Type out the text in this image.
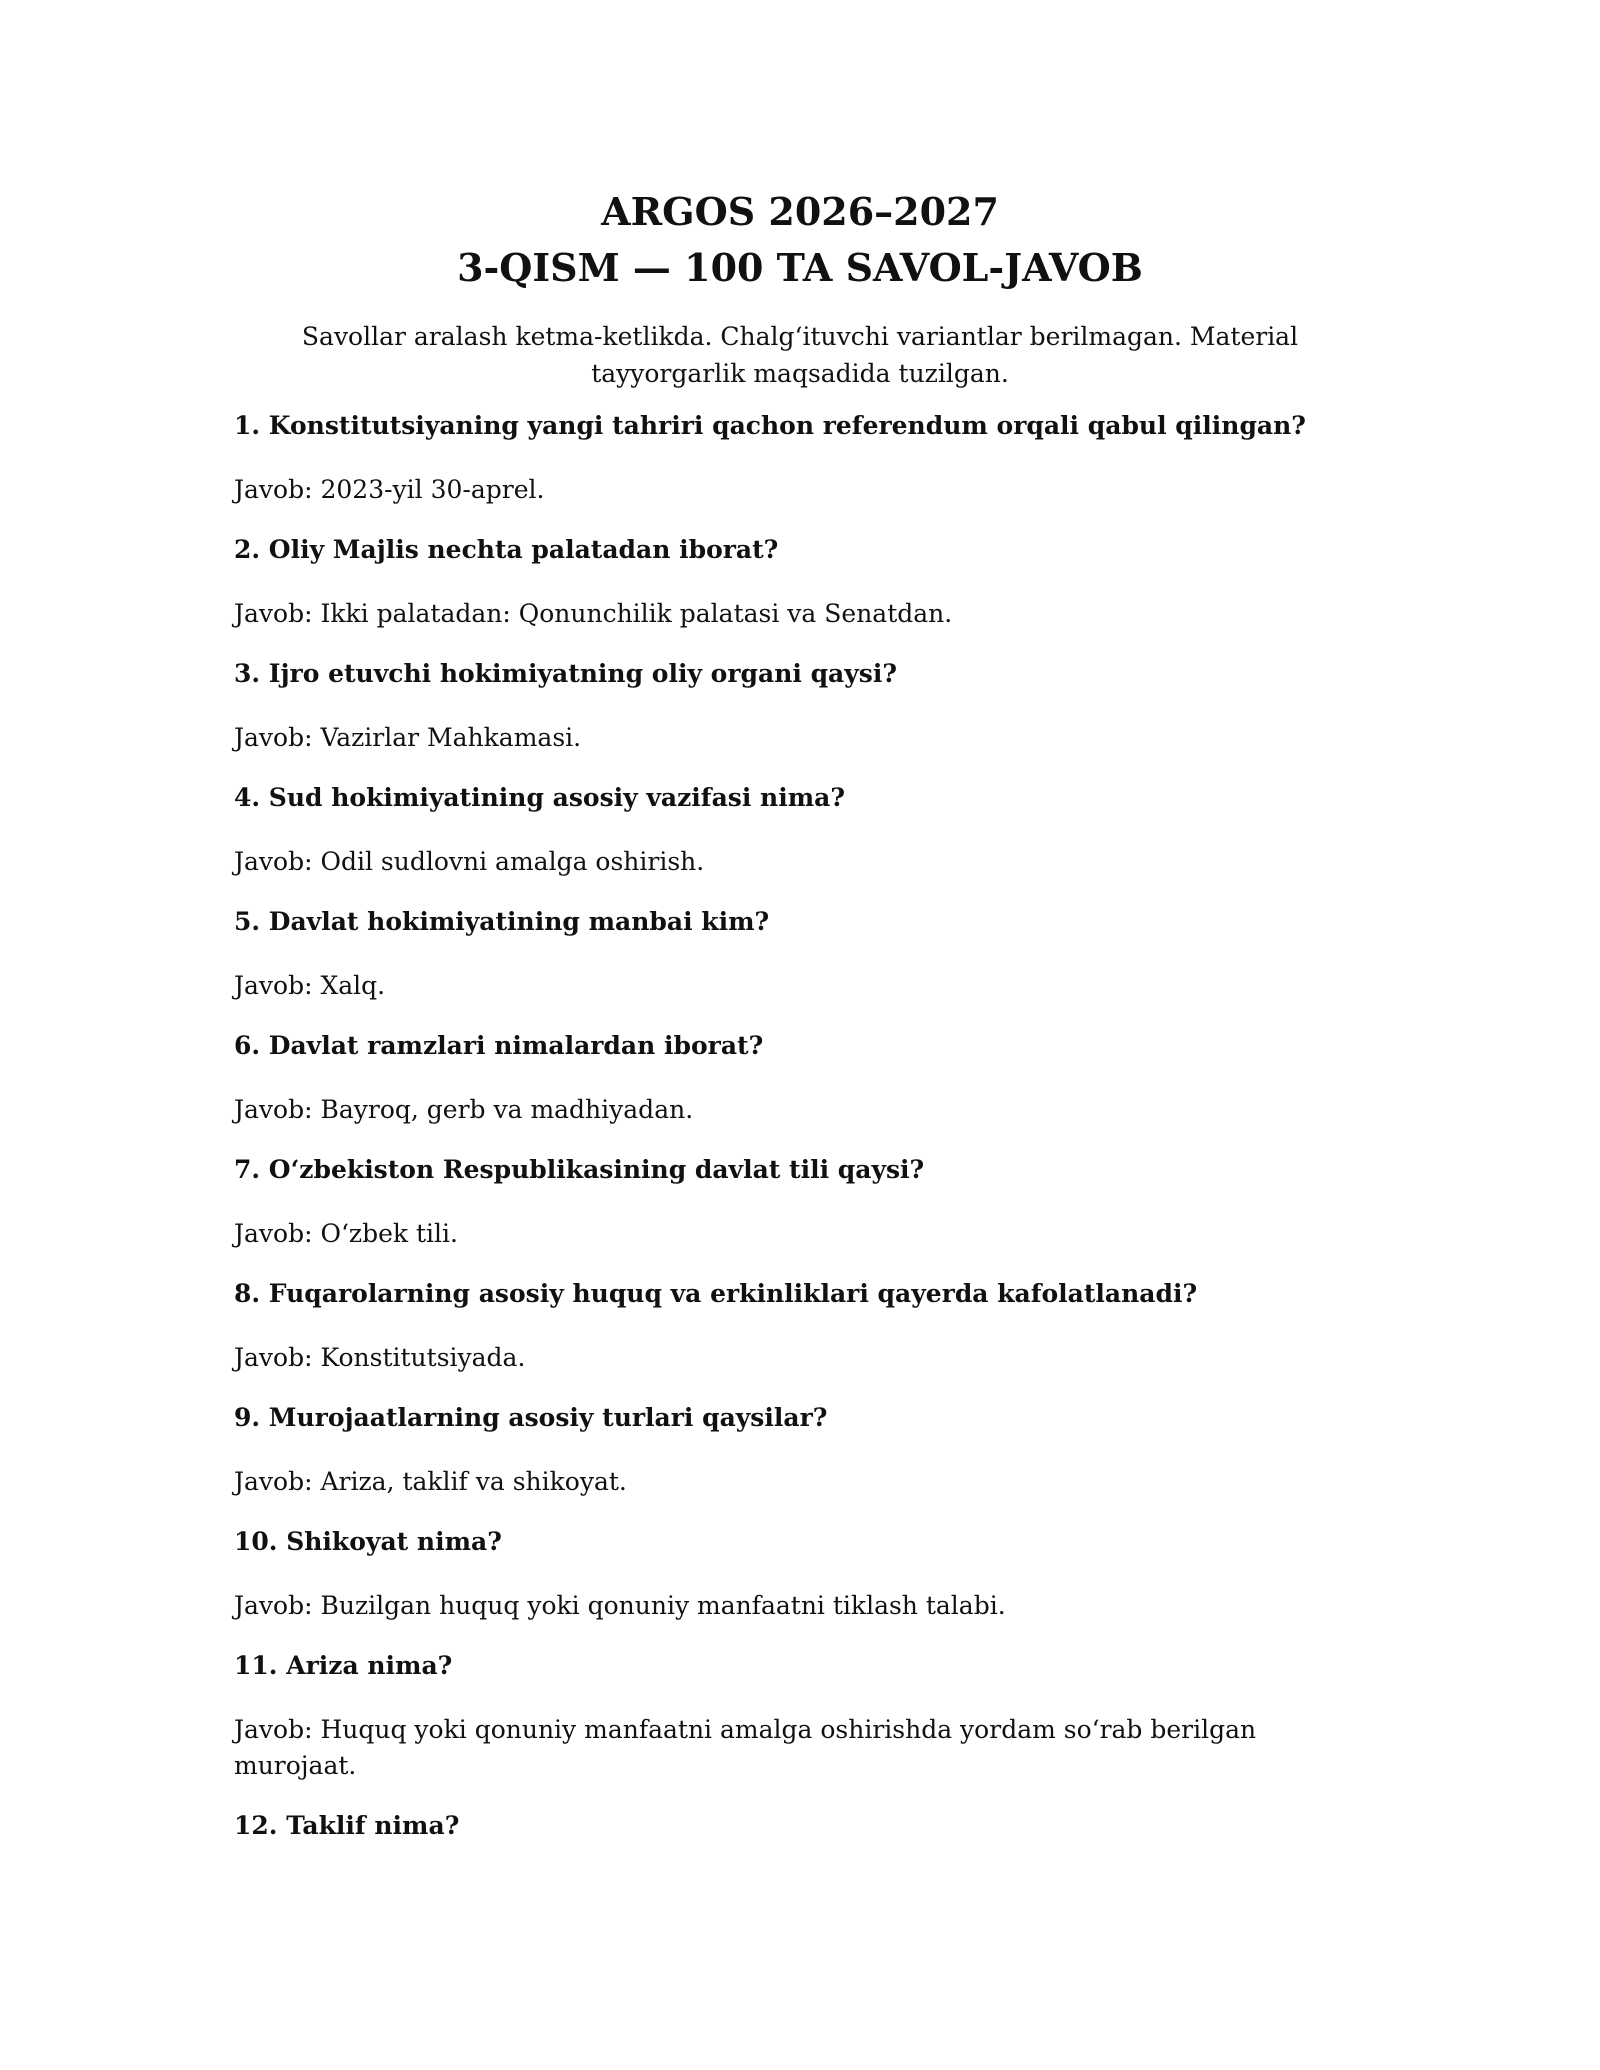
ARGOS 2026–2027
3-QISM — 100 TA SAVOL-JAVOB

Savollar aralash ketma-ketlikda. Chalg‘ituvchi variantlar berilmagan. Material tayyorgarlik maqsadida tuzilgan.

1. Konstitutsiyaning yangi tahriri qachon referendum orqali qabul qilingan?

Javob: 2023-yil 30-aprel.

2. Oliy Majlis nechta palatadan iborat?

Javob: Ikki palatadan: Qonunchilik palatasi va Senatdan.

3. Ijro etuvchi hokimiyatning oliy organi qaysi?

Javob: Vazirlar Mahkamasi.

4. Sud hokimiyatining asosiy vazifasi nima?

Javob: Odil sudlovni amalga oshirish.

5. Davlat hokimiyatining manbai kim?

Javob: Xalq.

6. Davlat ramzlari nimalardan iborat?

Javob: Bayroq, gerb va madhiyadan.

7. O‘zbekiston Respublikasining davlat tili qaysi?

Javob: O‘zbek tili.

8. Fuqarolarning asosiy huquq va erkinliklari qayerda kafolatlanadi?

Javob: Konstitutsiyada.

9. Murojaatlarning asosiy turlari qaysilar?

Javob: Ariza, taklif va shikoyat.

10. Shikoyat nima?

Javob: Buzilgan huquq yoki qonuniy manfaatni tiklash talabi.

11. Ariza nima?

Javob: Huquq yoki qonuniy manfaatni amalga oshirishda yordam so‘rab berilgan murojaat.

12. Taklif nima?
